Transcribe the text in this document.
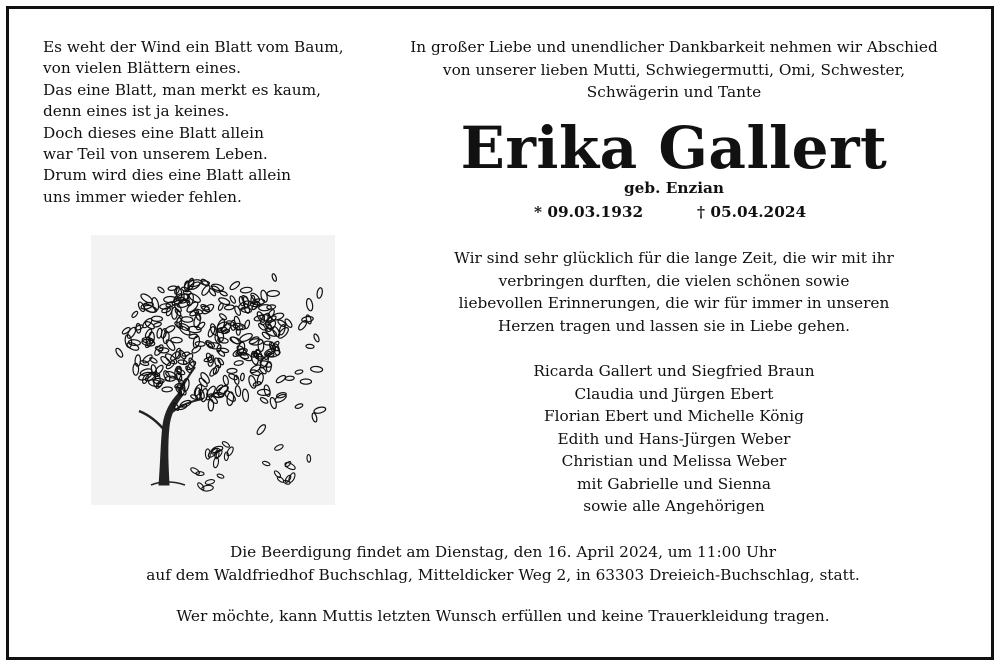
Es weht der Wind ein Blatt vom Baum,
von vielen Blättern eines.
Das eine Blatt, man merkt es kaum,
denn eines ist ja keines.
Doch dieses eine Blatt allein
war Teil von unserem Leben.
Drum wird dies eine Blatt allein
uns immer wieder fehlen.

In großer Liebe und unendlicher Dankbarkeit nehmen wir Abschied
von unserer lieben Mutti, Schwiegermutti, Omi, Schwester,
Schwägerin und Tante

Erika Gallert
geb. Enzian
* 09.03.1932	† 05.04.2024

Wir sind sehr glücklich für die lange Zeit, die wir mit ihr
verbringen durften, die vielen schönen sowie
liebevollen Erinnerungen, die wir für immer in unseren
Herzen tragen und lassen sie in Liebe gehen.

Ricarda Gallert und Siegfried Braun
Claudia und Jürgen Ebert
Florian Ebert und Michelle König
Edith und Hans-Jürgen Weber
Christian und Melissa Weber
mit Gabrielle und Sienna
sowie alle Angehörigen

Die Beerdigung findet am Dienstag, den 16. April 2024, um 11:00 Uhr
auf dem Waldfriedhof Buchschlag, Mitteldicker Weg 2, in 63303 Dreieich-Buchschlag, statt.

Wer möchte, kann Muttis letzten Wunsch erfüllen und keine Trauerkleidung tragen.
